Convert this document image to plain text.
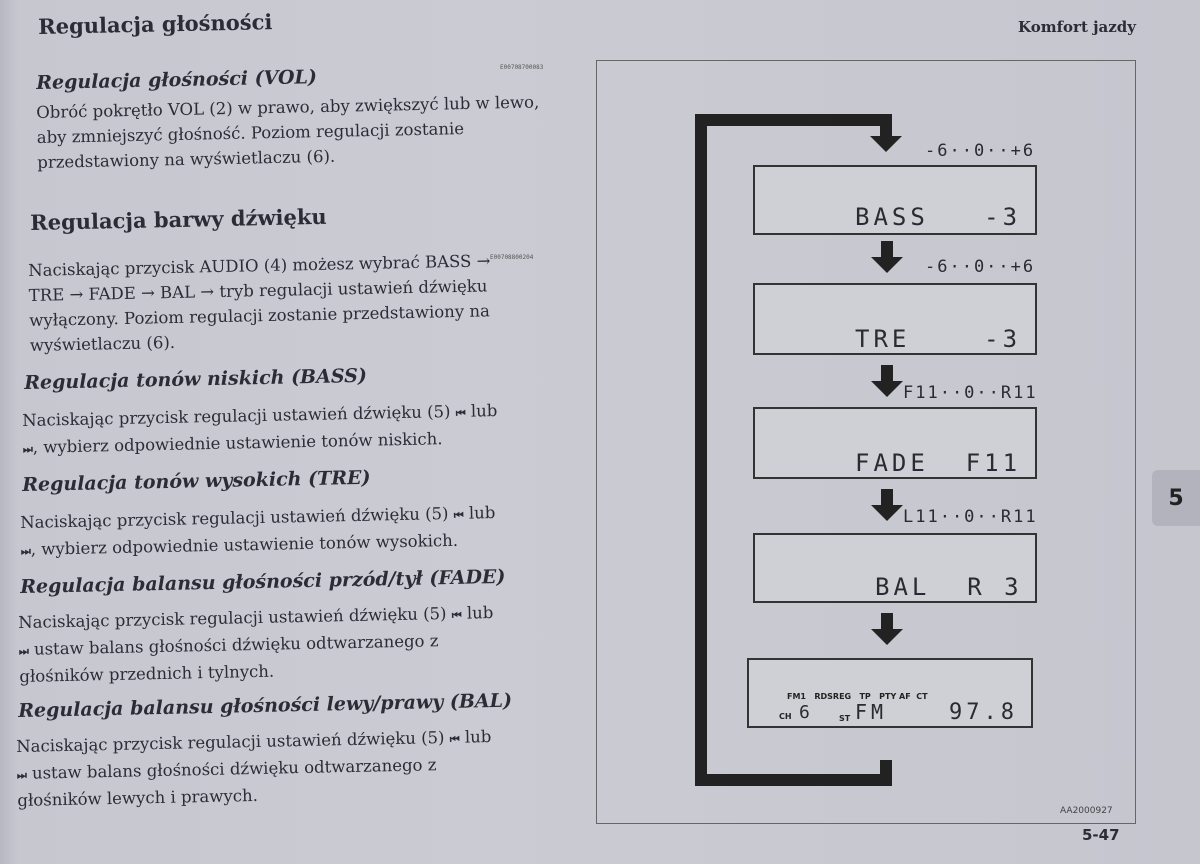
Regulacja głośności	Komfort jazdy
E00708700083
Regulacja głośności (VOL)
Obróć pokrętło VOL (2) w prawo, aby zwiększyć lub w lewo,
aby zmniejszyć głośność. Poziom regulacji zostanie
przedstawiony na wyświetlaczu (6).
Regulacja barwy dźwięku
E00708800204
Naciskając przycisk AUDIO (4) możesz wybrać BASS →
TRE → FADE → BAL → tryb regulacji ustawień dźwięku
wyłączony. Poziom regulacji zostanie przedstawiony na
wyświetlaczu (6).
Regulacja tonów niskich (BASS)
Naciskając przycisk regulacji ustawień dźwięku (5) ⏮ lub
⏭, wybierz odpowiednie ustawienie tonów niskich.
Regulacja tonów wysokich (TRE)
Naciskając przycisk regulacji ustawień dźwięku (5) ⏮ lub
⏭, wybierz odpowiednie ustawienie tonów wysokich.
Regulacja balansu głośności przód/tył (FADE)
Naciskając przycisk regulacji ustawień dźwięku (5) ⏮ lub
⏭ ustaw balans głośności dźwięku odtwarzanego z
głośników przednich i tylnych.
Regulacja balansu głośności lewy/prawy (BAL)
Naciskając przycisk regulacji ustawień dźwięku (5) ⏮ lub
⏭ ustaw balans głośności dźwięku odtwarzanego z
głośników lewych i prawych.
-6··0··+6
BASS   -3
-6··0··+6
TRE    -3
F11··0··R11
FADE  F11
L11··0··R11
BAL  R 3
FM1   RDSREG   TP   PTY AF  CT
CH 6	ST FM	97.8
AA2000927
5
5-47
